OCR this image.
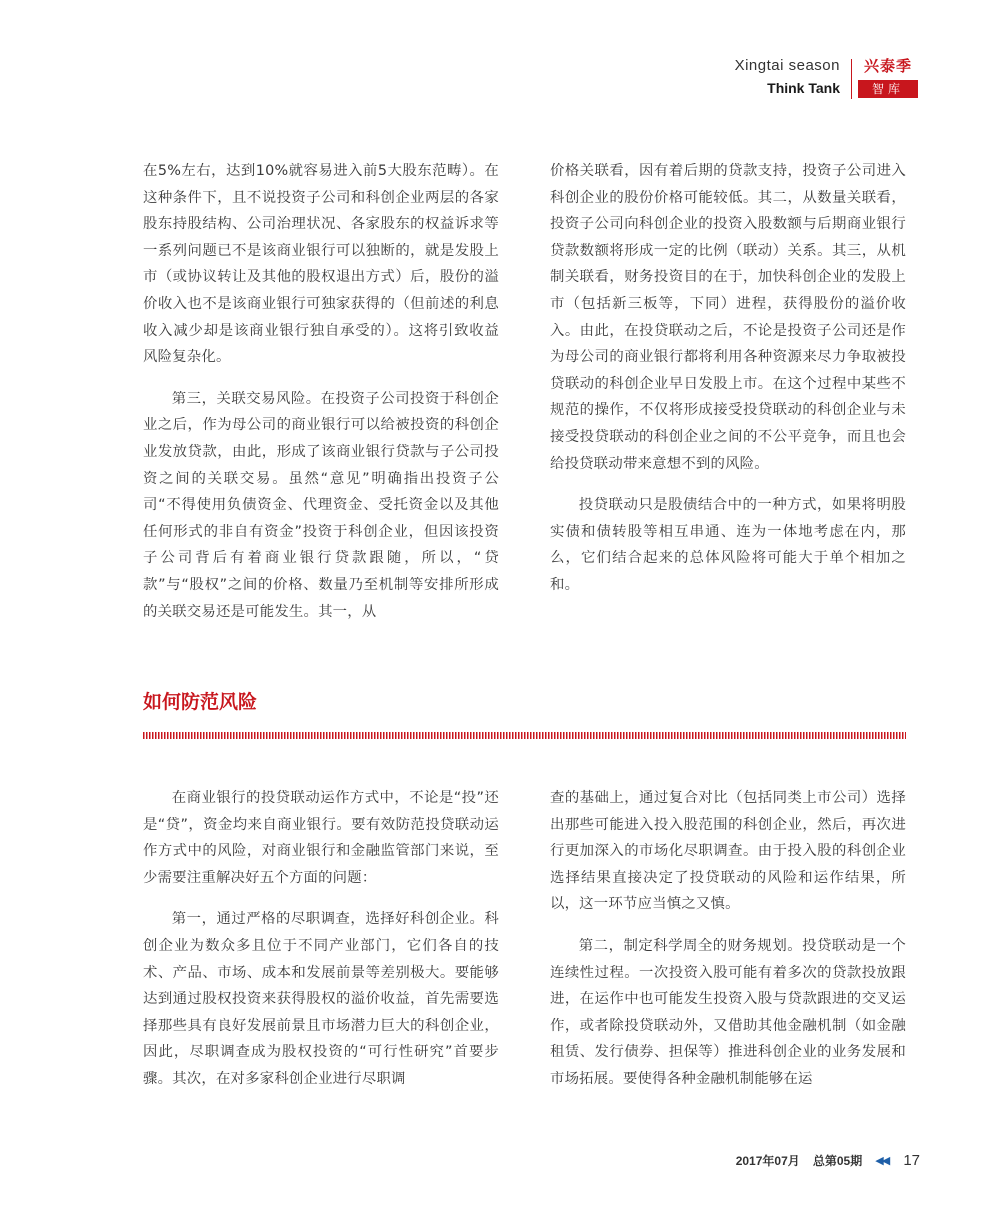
Xingtai season
Think Tank
兴泰季
智库

在5%左右，达到10%就容易进入前5大股东范畴）。在这种条件下，且不说投资子公司和科创企业两层的各家股东持股结构、公司治理状况、各家股东的权益诉求等一系列问题已不是该商业银行可以独断的，就是发股上市（或协议转让及其他的股权退出方式）后，股份的溢价收入也不是该商业银行可独家获得的（但前述的利息收入减少却是该商业银行独自承受的）。这将引致收益风险复杂化。

第三，关联交易风险。在投资子公司投资于科创企业之后，作为母公司的商业银行可以给被投资的科创企业发放贷款，由此，形成了该商业银行贷款与子公司投资之间的关联交易。虽然“意见”明确指出投资子公司“不得使用负债资金、代理资金、受托资金以及其他任何形式的非自有资金”投资于科创企业，但因该投资子公司背后有着商业银行贷款跟随，所以，“贷款”与“股权”之间的价格、数量乃至机制等安排所形成的关联交易还是可能发生。其一，从

价格关联看，因有着后期的贷款支持，投资子公司进入科创企业的股份价格可能较低。其二，从数量关联看，投资子公司向科创企业的投资入股数额与后期商业银行贷款数额将形成一定的比例（联动）关系。其三，从机制关联看，财务投资目的在于，加快科创企业的发股上市（包括新三板等，下同）进程，获得股份的溢价收入。由此，在投贷联动之后，不论是投资子公司还是作为母公司的商业银行都将利用各种资源来尽力争取被投贷联动的科创企业早日发股上市。在这个过程中某些不规范的操作，不仅将形成接受投贷联动的科创企业与未接受投贷联动的科创企业之间的不公平竞争，而且也会给投贷联动带来意想不到的风险。

投贷联动只是股债结合中的一种方式，如果将明股实债和债转股等相互串通、连为一体地考虑在内，那么，它们结合起来的总体风险将可能大于单个相加之和。

如何防范风险

在商业银行的投贷联动运作方式中，不论是“投”还是“贷”，资金均来自商业银行。要有效防范投贷联动运作方式中的风险，对商业银行和金融监管部门来说，至少需要注重解决好五个方面的问题：

第一，通过严格的尽职调查，选择好科创企业。科创企业为数众多且位于不同产业部门，它们各自的技术、产品、市场、成本和发展前景等差别极大。要能够达到通过股权投资来获得股权的溢价收益，首先需要选择那些具有良好发展前景且市场潜力巨大的科创企业，因此，尽职调查成为股权投资的“可行性研究”首要步骤。其次，在对多家科创企业进行尽职调

查的基础上，通过复合对比（包括同类上市公司）选择出那些可能进入投入股范围的科创企业，然后，再次进行更加深入的市场化尽职调查。由于投入股的科创企业选择结果直接决定了投贷联动的风险和运作结果，所以，这一环节应当慎之又慎。

第二，制定科学周全的财务规划。投贷联动是一个连续性过程。一次投资入股可能有着多次的贷款投放跟进，在运作中也可能发生投资入股与贷款跟进的交叉运作，或者除投贷联动外，又借助其他金融机制（如金融租赁、发行债券、担保等）推进科创企业的业务发展和市场拓展。要使得各种金融机制能够在运

2017年07月 总第05期 ◀◀ 17
